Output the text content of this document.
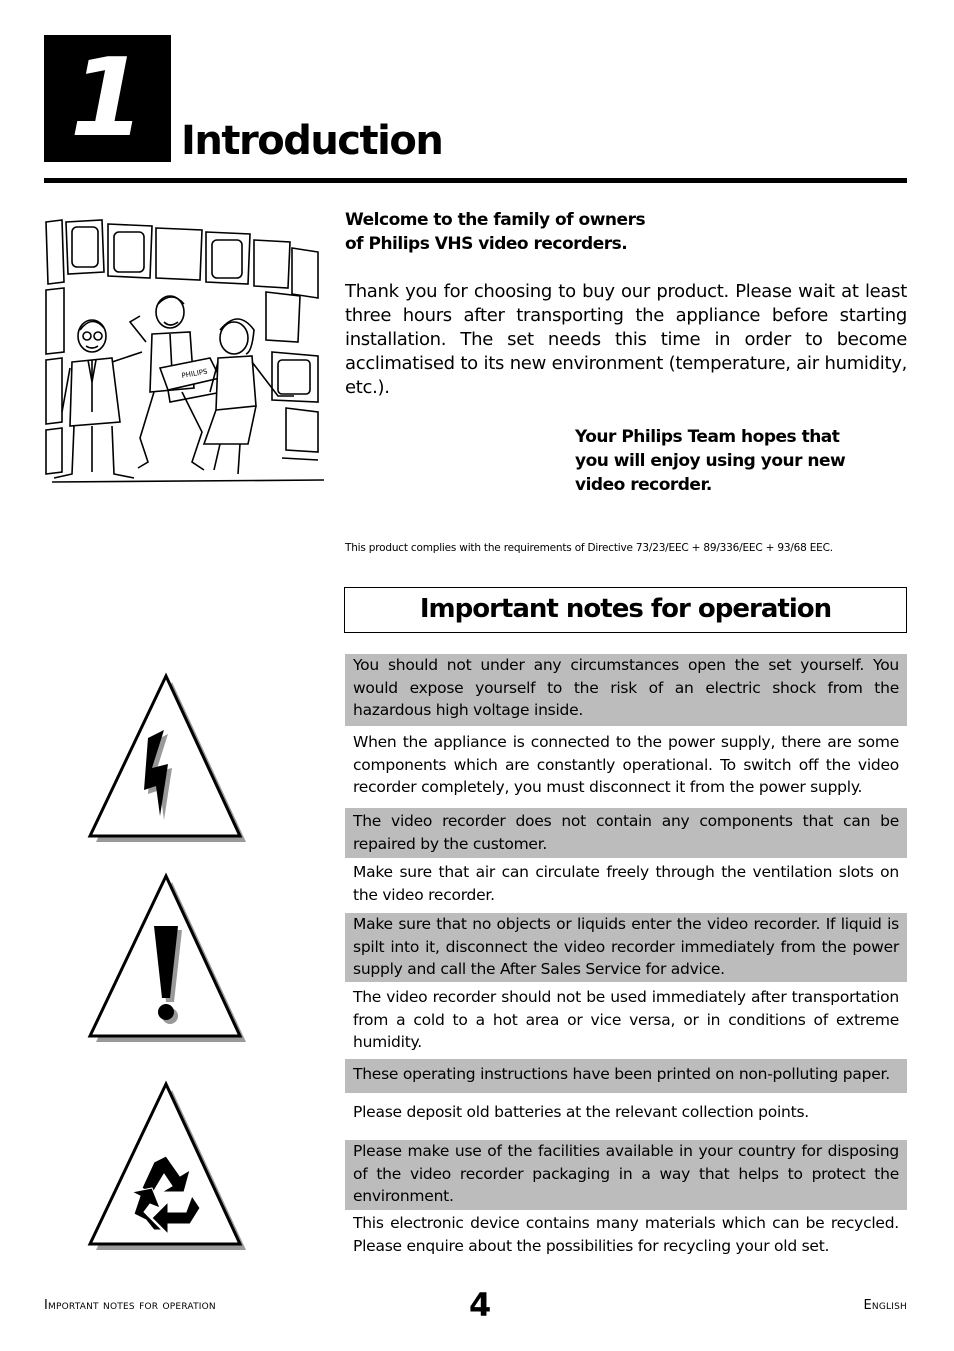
1 Introduction
PHILIPS
Welcome to the family of owners
of Philips VHS video recorders.
Thank you for choosing to buy our product. Please wait at least three hours after transporting the appliance before starting installation. The set needs this time in order to become acclimatised to its new environment (temperature, air humidity, etc.).
Your Philips Team hopes that
you will enjoy using your new
video recorder.
This product complies with the requirements of Directive 73/23/EEC + 89/336/EEC + 93/68 EEC.
Important notes for operation
You should not under any circumstances open the set yourself. You would expose yourself to the risk of an electric shock from the hazardous high voltage inside.
When the appliance is connected to the power supply, there are some components which are constantly operational. To switch off the video recorder completely, you must disconnect it from the power supply.
The video recorder does not contain any components that can be repaired by the customer.
Make sure that air can circulate freely through the ventilation slots on the video recorder.
Make sure that no objects or liquids enter the video recorder. If liquid is spilt into it, disconnect the video recorder immediately from the power supply and call the After Sales Service for advice.
The video recorder should not be used immediately after transportation from a cold to a hot area or vice versa, or in conditions of extreme humidity.
These operating instructions have been printed on non-polluting paper.
Please deposit old batteries at the relevant collection points.
Please make use of the facilities available in your country for disposing of the video recorder packaging in a way that helps to protect the environment.
This electronic device contains many materials which can be recycled. Please enquire about the possibilities for recycling your old set.
Important notes for operation	4	English
